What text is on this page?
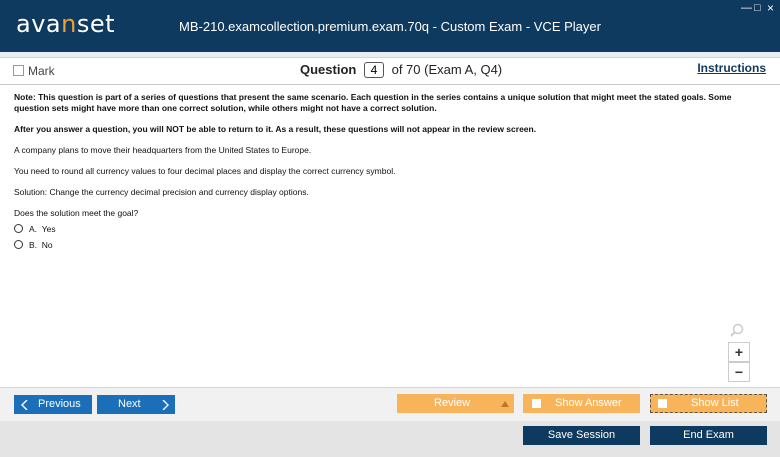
avanset	MB-210.examcollection.premium.exam.70q - Custom Exam - VCE Player
— □ ×
Mark	Question 4	of 70 (Exam A, Q4)	Instructions

Note: This question is part of a series of questions that present the same scenario. Each question in the series contains a unique solution that might meet the stated goals. Some question sets might have more than one correct solution, while others might not have a correct solution.

After you answer a question, you will NOT be able to return to it. As a result, these questions will not appear in the review screen.

A company plans to move their headquarters from the United States to Europe.

You need to round all currency values to four decimal places and display the correct currency symbol.

Solution: Change the currency decimal precision and currency display options.

Does the solution meet the goal?

A. Yes
B. No
+
−
Previous	Next	Review	Show Answer	Show List
Save Session	End Exam
